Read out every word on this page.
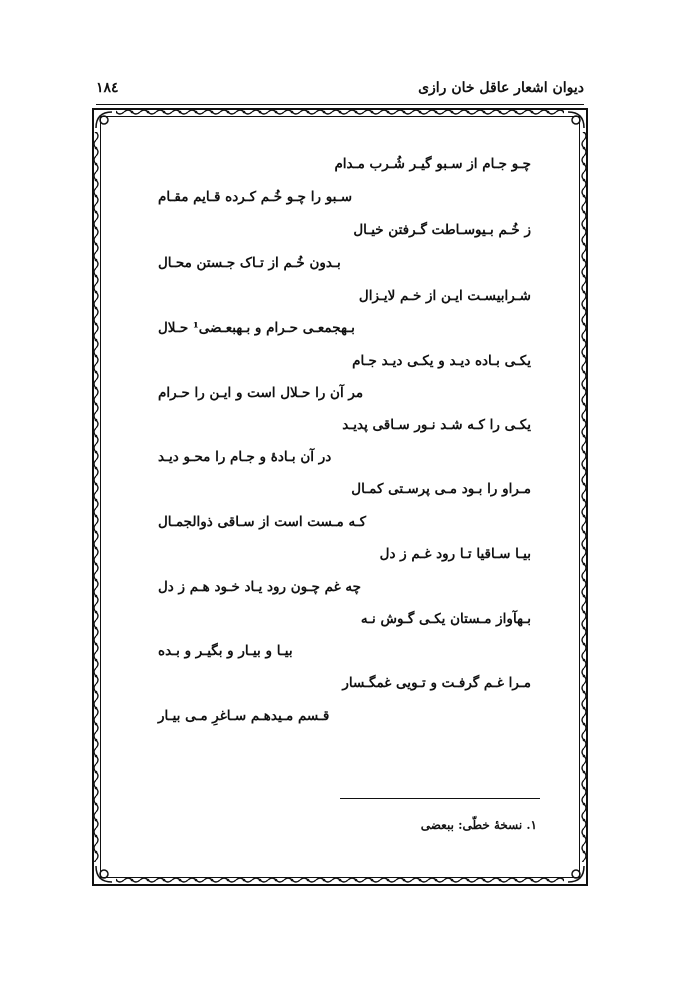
دیوان اشعار عاقل خان رازی
۱۸٤
چـو جـام از سـبو گیـر شُـرب مـدام
سـبو را چـو خُـم کـرده قـایم مقـام
ز خُـم بـیوسـاطت گـرفتن خیـال
بـدون خُـم از تـاک جـستن محـال
شـرابیسـت ایـن از خـم لایـزال
بـهجمعـی حـرام و بـهبعـضی¹ حـلال
یکـی بـاده دیـد و یکـی دیـد جـام
مر آن را حـلال است و ایـن را حـرام
یکـی را کـه شـد نـور سـاقی پدیـد
در آن بـادهٔ و جـام را محـو دیـد
مـراو را بـود مـی پرسـتی کمـال
کـه مـست است از سـاقی ذوالجمـال
بیـا سـاقیا تـا رود غـم ز دل
چه غم چـون رود یـاد خـود هـم ز دل
بـهآواز مـستان یکـی گـوش نـه
بیـا و بیـار و بگیـر و بـده
مـرا غـم گرفـت و تـویی غمگـسار
قـسم مـیدهـم سـاغرِ مـی بیـار
۱. نسخهٔ خطّی: ببعضی
